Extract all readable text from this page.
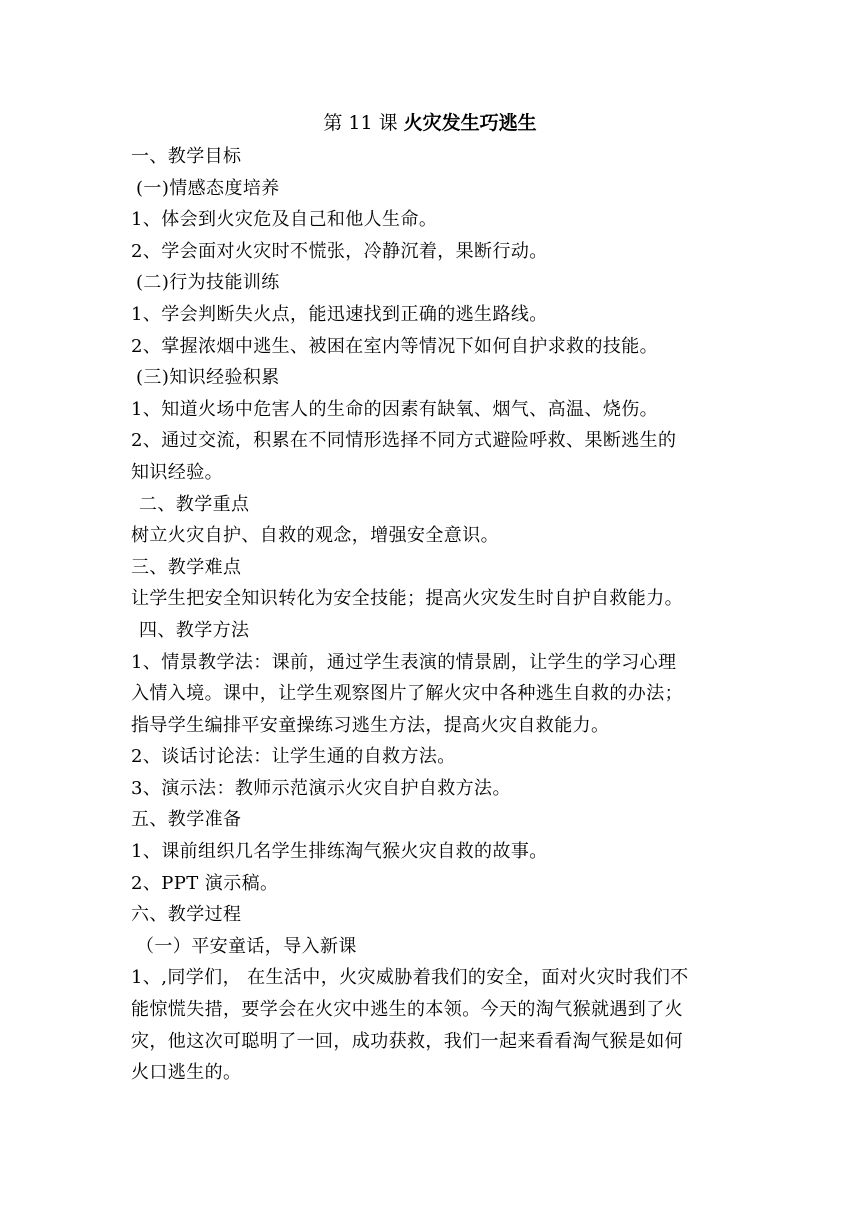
第 11 课 火灾发生巧逃生
一、教学目标
(一)情感态度培养
1、体会到火灾危及自己和他人生命。
2、学会面对火灾时不慌张，冷静沉着，果断行动。
(二)行为技能训练
1、学会判断失火点，能迅速找到正确的逃生路线。
2、掌握浓烟中逃生、被困在室内等情况下如何自护求救的技能。
(三)知识经验积累
1、知道火场中危害人的生命的因素有缺氧、烟气、高温、烧伤。
2、通过交流，积累在不同情形选择不同方式避险呼救、果断逃生的
知识经验。
二、教学重点
树立火灾自护、自救的观念，增强安全意识。
三、教学难点
让学生把安全知识转化为安全技能；提高火灾发生时自护自救能力。
四、教学方法
1、情景教学法：课前，通过学生表演的情景剧，让学生的学习心理
入情入境。课中，让学生观察图片了解火灾中各种逃生自救的办法；
指导学生编排平安童操练习逃生方法，提高火灾自救能力。
2、谈话讨论法：让学生通的自救方法。
3、演示法：教师示范演示火灾自护自救方法。
五、教学准备
1、课前组织几名学生排练淘气猴火灾自救的故事。
2、PPT 演示稿。
六、教学过程
（一）平安童话，导入新课
1、,同学们， 在生活中，火灾威胁着我们的安全，面对火灾时我们不
能惊慌失措，要学会在火灾中逃生的本领。今天的淘气猴就遇到了火
灾，他这次可聪明了一回，成功获救，我们一起来看看淘气猴是如何
火口逃生的。
